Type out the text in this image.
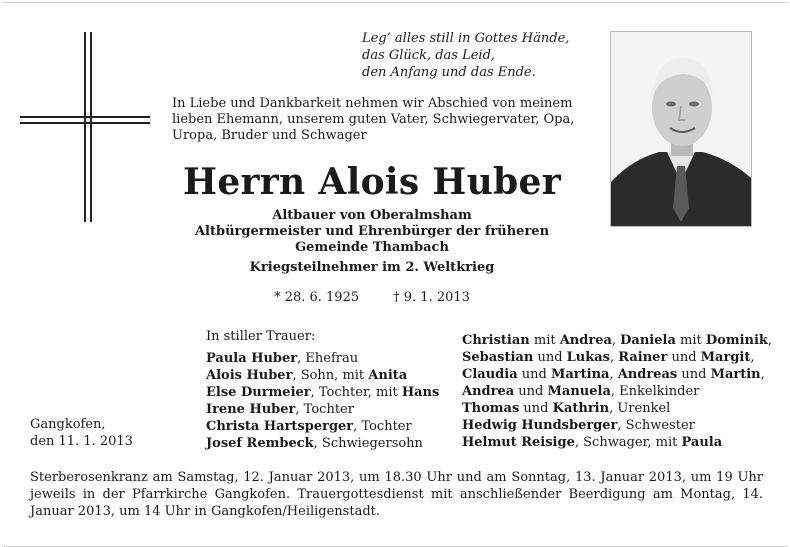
Leg’ alles still in Gottes Hände,
das Glück, das Leid,
den Anfang und das Ende.
In Liebe und Dankbarkeit nehmen wir Abschied von meinem
lieben Ehemann, unserem guten Vater, Schwiegervater, Opa,
Uropa, Bruder und Schwager
Herrn Alois Huber
Altbauer von Oberalmsham
Altbürgermeister und Ehrenbürger der früheren
Gemeinde Thambach
Kriegsteilnehmer im 2. Weltkrieg
* 28. 6. 1925	† 9. 1. 2013
In stiller Trauer:
Paula Huber, Ehefrau
Alois Huber, Sohn, mit Anita
Else Durmeier, Tochter, mit Hans
Irene Huber, Tochter
Christa Hartsperger, Tochter
Josef Rembeck, Schwiegersohn
Christian mit Andrea, Daniela mit Dominik,
Sebastian und Lukas, Rainer und Margit,
Claudia und Martina, Andreas und Martin,
Andrea und Manuela, Enkelkinder
Thomas und Kathrin, Urenkel
Hedwig Hundsberger, Schwester
Helmut Reisige, Schwager, mit Paula
Gangkofen,
den 11. 1. 2013
Sterberosenkranz am Samstag, 12. Januar 2013, um 18.30 Uhr und am Sonntag, 13. Januar 2013, um 19 Uhr jeweils in der Pfarrkirche Gangkofen. Trauergottesdienst mit anschließender Beerdigung am Montag, 14. Januar 2013, um 14 Uhr in Gangkofen/Heiligenstadt.
